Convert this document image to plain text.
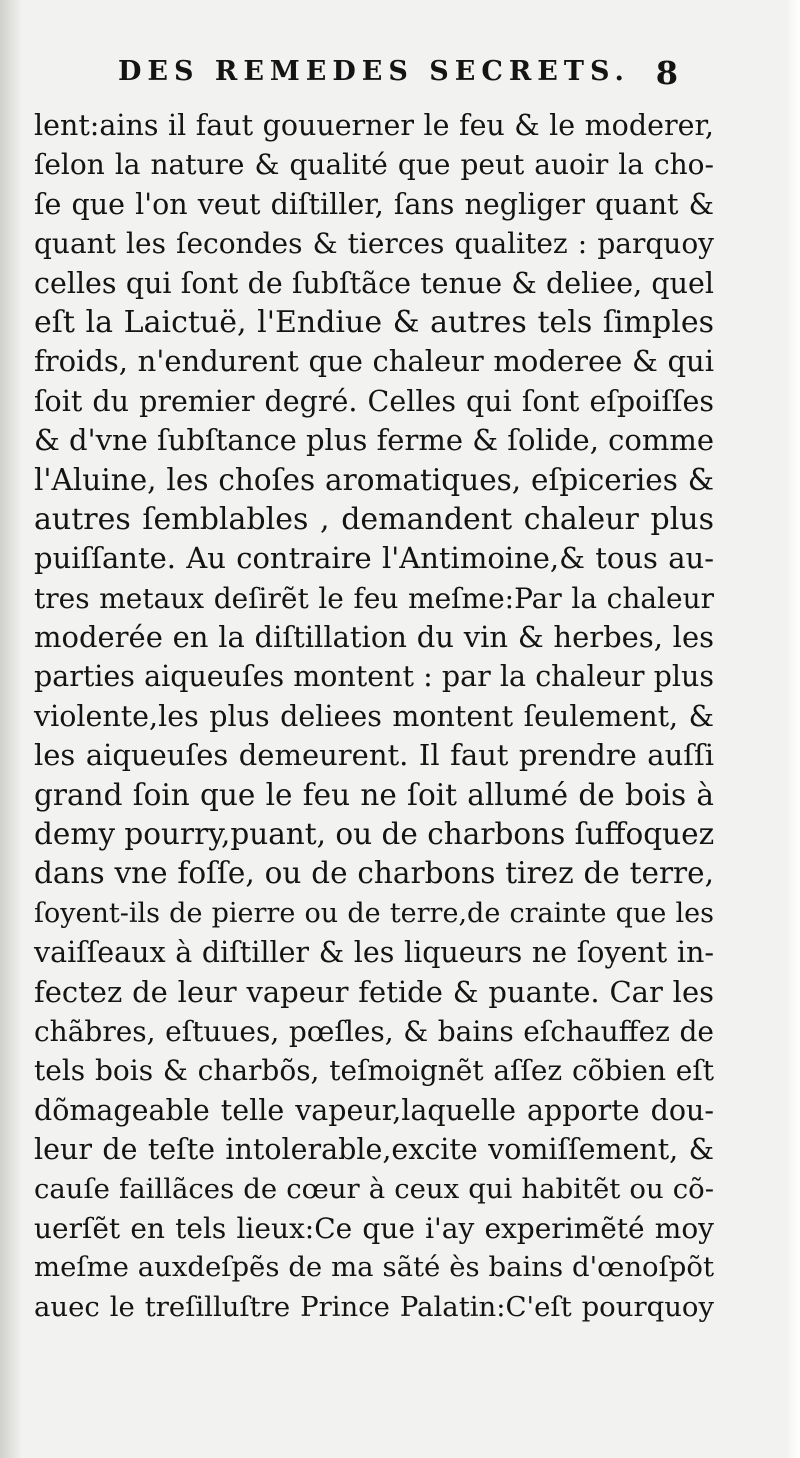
DES REMEDES SECRETS. 8
lent:ains il faut gouuerner le feu & le moderer,
ſelon la nature & qualité que peut auoir la cho-
ſe que l'on veut diſtiller, ſans negliger quant &
quant les ſecondes & tierces qualitez : parquoy
celles qui ſont de ſubſtãce tenue & deliee, quel
eſt la Laictuë, l'Endiue & autres tels ſimples
froids, n'endurent que chaleur moderee & qui
ſoit du premier degré. Celles qui ſont eſpoiſſes
& d'vne ſubſtance plus ferme & ſolide, comme
l'Aluine, les choſes aromatiques, eſpiceries &
autres ſemblables , demandent chaleur plus
puiſſante. Au contraire l'Antimoine,& tous au-
tres metaux deſirẽt le feu meſme:Par la chaleur
moderée en la diſtillation du vin & herbes, les
parties aiqueuſes montent : par la chaleur plus
violente,les plus deliees montent ſeulement, &
les aiqueuſes demeurent. Il faut prendre auſſi
grand ſoin que le feu ne ſoit allumé de bois à
demy pourry,puant, ou de charbons ſuffoquez
dans vne foſſe, ou de charbons tirez de terre,
ſoyent-ils de pierre ou de terre,de crainte que les
vaiſſeaux à diſtiller & les liqueurs ne ſoyent in-
fectez de leur vapeur fetide & puante. Car les
chãbres, eſtuues, pœſles, & bains eſchauffez de
tels bois & charbõs, teſmoignẽt aſſez cõbien eſt
dõmageable telle vapeur,laquelle apporte dou-
leur de teſte intolerable,excite vomiſſement, &
cauſe faillãces de cœur à ceux qui habitẽt ou cõ-
uerſẽt en tels lieux:Ce que i'ay experimẽté moy
meſme auxdeſpẽs de ma sãté ès bains d'œnoſpõt
auec le treſilluſtre Prince Palatin:C'eſt pourquoy
